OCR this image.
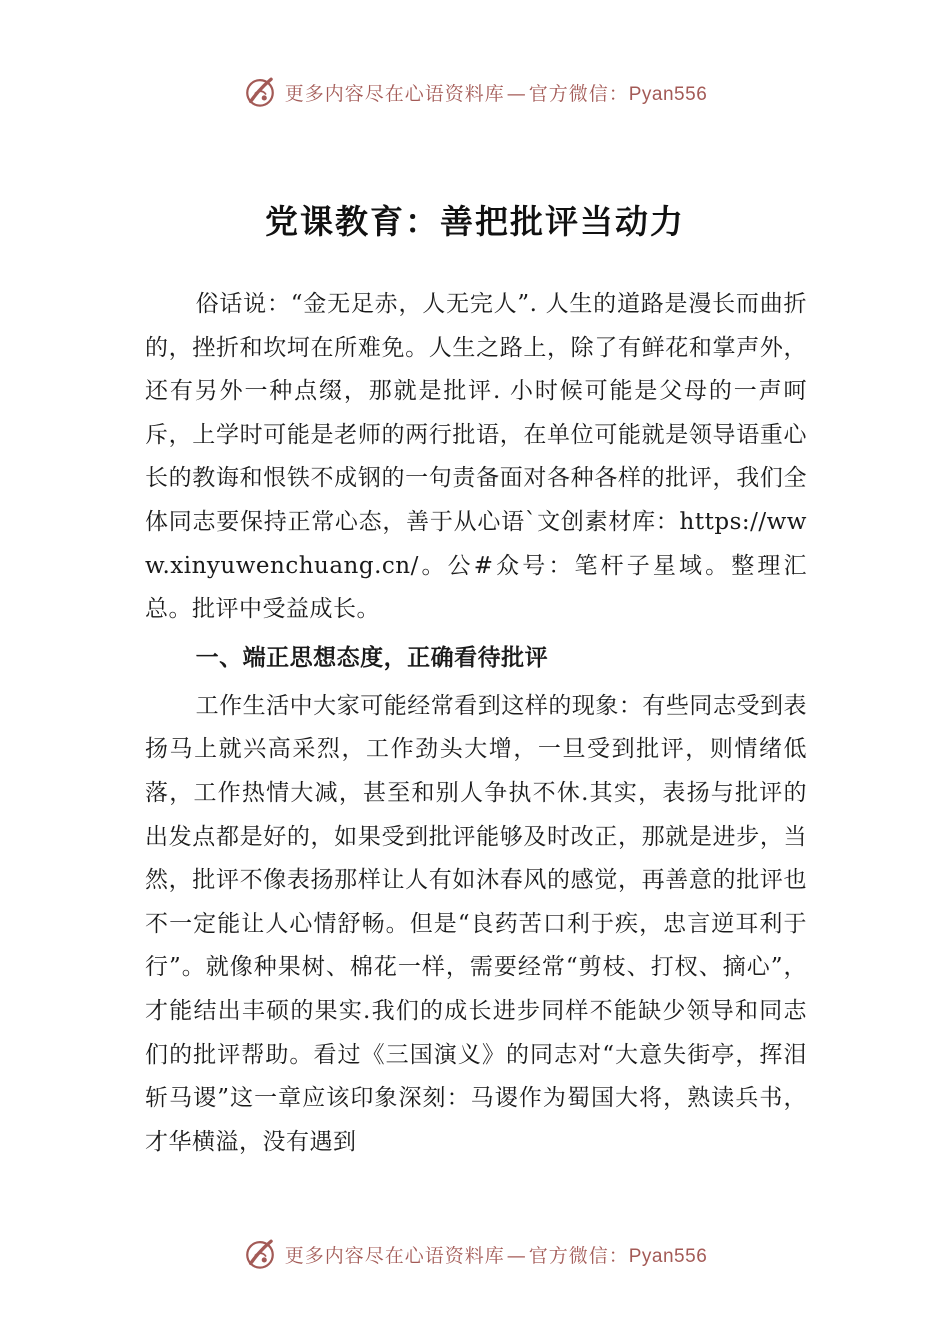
更多内容尽在心语资料库 — 官方微信：Pyan556
党课教育：善把批评当动力

俗话说：“金无足赤，人无完人”. 人生的道路是漫长而曲折的，挫折和坎坷在所难免。人生之路上，除了有鲜花和掌声外，还有另外一种点缀，那就是批评. 小时候可能是父母的一声呵斥，上学时可能是老师的两行批语，在单位可能就是领导语重心长的教诲和恨铁不成钢的一句责备面对各种各样的批评，我们全体同志要保持正常心态，善于从心语`文创素材库：https://www.xinyuwenchuang.cn/。公#众号：笔杆子星域。整理汇总。批评中受益成长。

一、端正思想态度，正确看待批评

工作生活中大家可能经常看到这样的现象：有些同志受到表扬马上就兴高采烈，工作劲头大增，一旦受到批评，则情绪低落，工作热情大减，甚至和别人争执不休.其实，表扬与批评的出发点都是好的，如果受到批评能够及时改正，那就是进步，当然，批评不像表扬那样让人有如沐春风的感觉，再善意的批评也不一定能让人心情舒畅。但是“良药苦口利于疾，忠言逆耳利于行”。就像种果树、棉花一样，需要经常“剪枝、打杈、摘心”，才能结出丰硕的果实.我们的成长进步同样不能缺少领导和同志们的批评帮助。看过《三国演义》的同志对“大意失街亭，挥泪斩马谡”这一章应该印象深刻：马谡作为蜀国大将，熟读兵书，才华横溢，没有遇到

更多内容尽在心语资料库 — 官方微信：Pyan556
